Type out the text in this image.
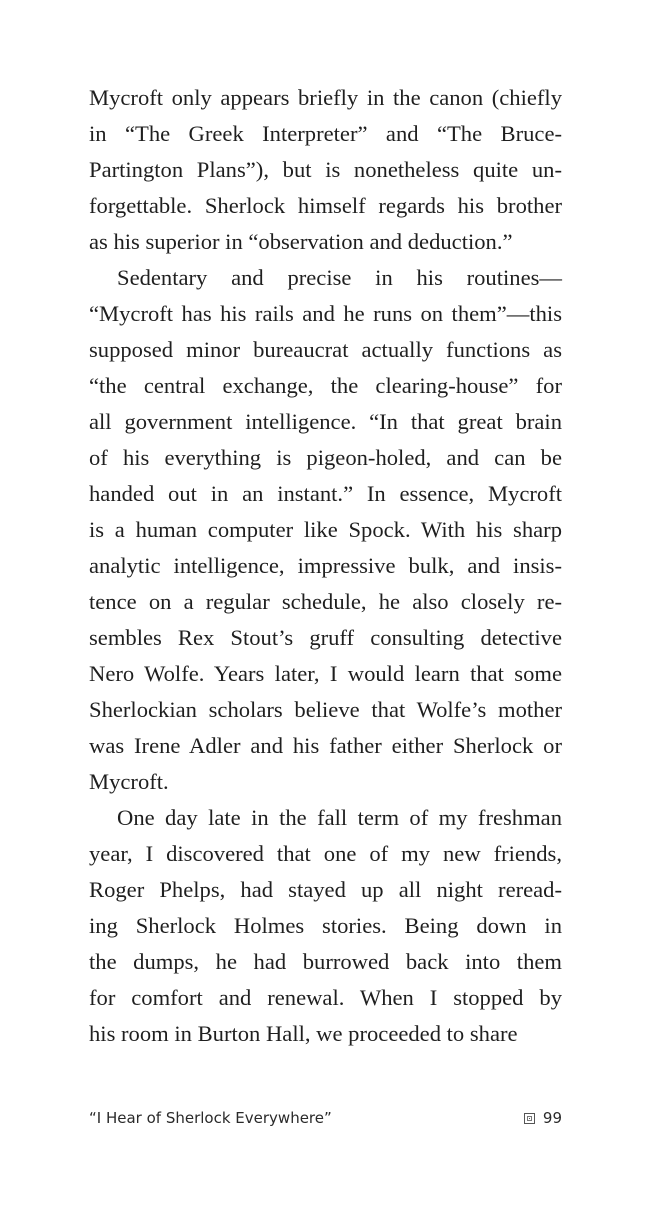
Mycroft only appears briefly in the canon (chiefly
in “The Greek Interpreter” and “The Bruce-
Partington Plans”), but is nonetheless quite un-
forgettable. Sherlock himself regards his brother
as his superior in “observation and deduction.”
Sedentary and precise in his routines—
“Mycroft has his rails and he runs on them”—this
supposed minor bureaucrat actually functions as
“the central exchange, the clearing-house” for
all government intelligence. “In that great brain
of his everything is pigeon-holed, and can be
handed out in an instant.” In essence, Mycroft
is a human computer like Spock. With his sharp
analytic intelligence, impressive bulk, and insis-
tence on a regular schedule, he also closely re-
sembles Rex Stout’s gruff consulting detective
Nero Wolfe. Years later, I would learn that some
Sherlockian scholars believe that Wolfe’s mother
was Irene Adler and his father either Sherlock or
Mycroft.
One day late in the fall term of my freshman
year, I discovered that one of my new friends,
Roger Phelps, had stayed up all night reread-
ing Sherlock Holmes stories. Being down in
the dumps, he had burrowed back into them
for comfort and renewal. When I stopped by
his room in Burton Hall, we proceeded to share
“I Hear of Sherlock Everywhere”	99
